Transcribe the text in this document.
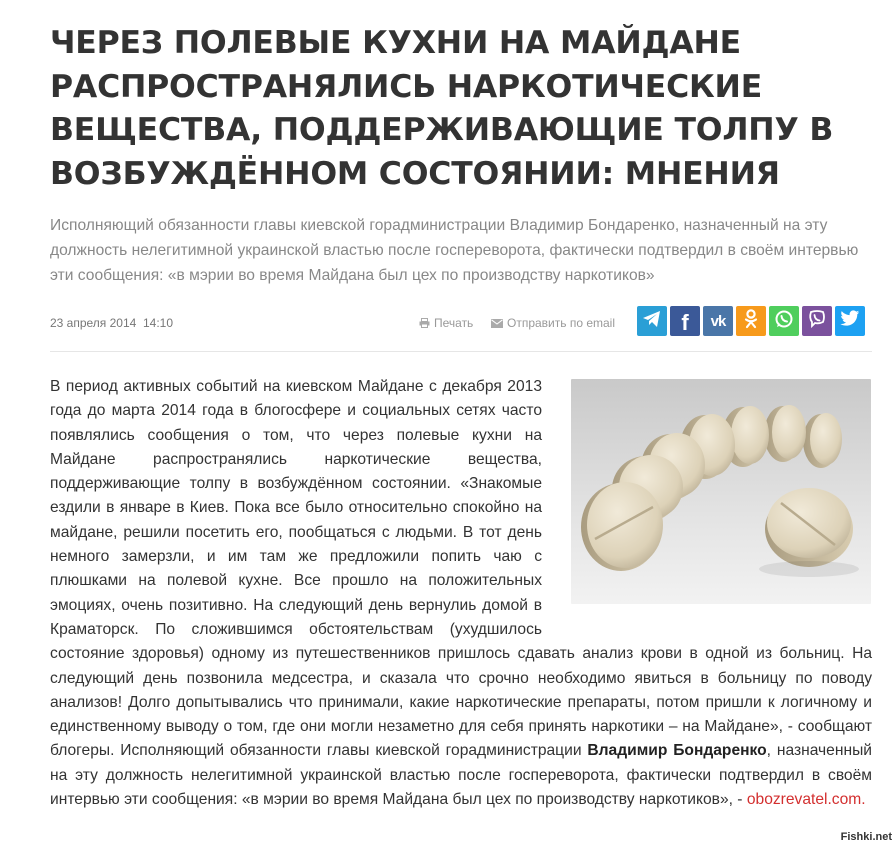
ЧЕРЕЗ ПОЛЕВЫЕ КУХНИ НА МАЙДАНЕ РАСПРОСТРАНЯЛИСЬ НАРКОТИЧЕСКИЕ ВЕЩЕСТВА, ПОДДЕРЖИВАЮЩИЕ ТОЛПУ В ВОЗБУЖДЁННОМ СОСТОЯНИИ: МНЕНИЯ

Исполняющий обязанности главы киевской горадминистрации Владимир Бондаренко, назначенный на эту должность нелегитимной украинской властью после госпереворота, фактически подтвердил в своём интервью эти сообщения: «в мэрии во время Майдана был цех по производству наркотиков»

23 апреля 2014  14:10	Печать	Отправить по email	f vk

В период активных событий на киевском Майдане с декабря 2013 года до марта 2014 года в блогосфере и социальных сетях часто появлялись сообщения о том, что через полевые кухни на Майдане распространялись наркотические вещества, поддерживающие толпу в возбуждённом состоянии. «Знакомые ездили в январе в Киев. Пока все было относительно спокойно на майдане, решили посетить его, пообщаться с людьми. В тот день немного замерзли, и им там же предложили попить чаю с плюшками на полевой кухне. Все прошло на положительных эмоциях, очень позитивно. На следующий день вернулиь домой в Краматорск. По сложившимся обстоятельствам (ухудшилось состояние здоровья) одному из путешественников пришлось сдавать анализ крови в одной из больниц. На следующий день позвонила медсестра, и сказала что срочно необходимо явиться в больницу по поводу анализов! Долго допытывались что принимали, какие наркотические препараты, потом пришли к логичному и единственному выводу о том, где они могли незаметно для себя принять наркотики – на Майдане», - сообщают блогеры. Исполняющий обязанности главы киевской горадминистрации Владимир Бондаренко, назначенный на эту должность нелегитимной украинской властью после госпереворота, фактически подтвердил в своём интервью эти сообщения: «в мэрии во время Майдана был цех по производству наркотиков», - obozrevatel.com.

Fishki.net
